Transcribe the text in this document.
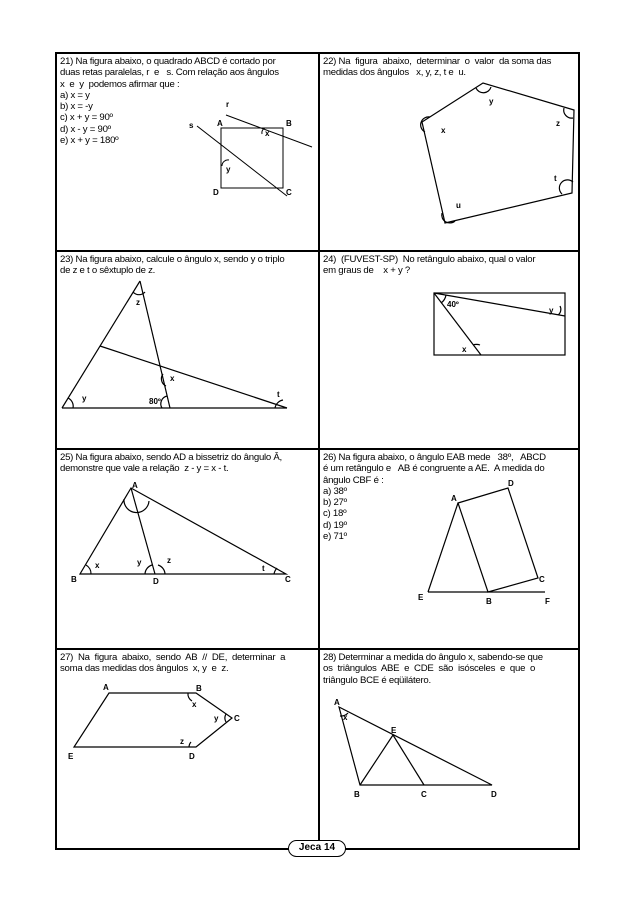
21) Na figura abaixo, o quadrado ABCD é cortado por
duas retas paralelas, r  e   s. Com relação aos ângulos
x  e  y  podemos afirmar que :
a) x = y
b) x = -y
c) x + y = 90º
d) x - y = 90º
e) x + y = 180º
r
s	A	B
x
y
D	C
22) Na  figura  abaixo,  determinar  o  valor  da soma das
medidas dos ângulos   x, y, z, t e  u.
y
x
z
t
u
23) Na figura abaixo, calcule o ângulo x, sendo y o triplo
de z e t o sêxtuplo de z.
z
x
y	80º
t
24)  (FUVEST-SP)  No retângulo abaixo, qual o valor
em graus de    x + y ?
40º
y
x
25) Na figura abaixo, sendo AD a bissetriz do ângulo Â,
demonstre que vale a relação  z - y = x - t.
A
x	y	z
t
B	D	C
26) Na figura abaixo, o ângulo EAB mede   38º,   ABCD
é um retângulo e   AB é congruente a AE.  A medida do
ângulo CBF é :
a) 38º
b) 27º
c) 18º
d) 19º
e) 71º
D
A
C
E	B	F
27)  Na  figura  abaixo,  sendo  AB  //  DE,  determinar  a
soma das medidas dos ângulos  x, y  e  z.
A	B
x
y C
z
E	D
28) Determinar a medida do ângulo x, sabendo-se que
os  triângulos  ABE  e  CDE  são  isósceles  e  que  o
triângulo BCE é eqüilátero.
A
x
E
B	C	D
Jeca 14
